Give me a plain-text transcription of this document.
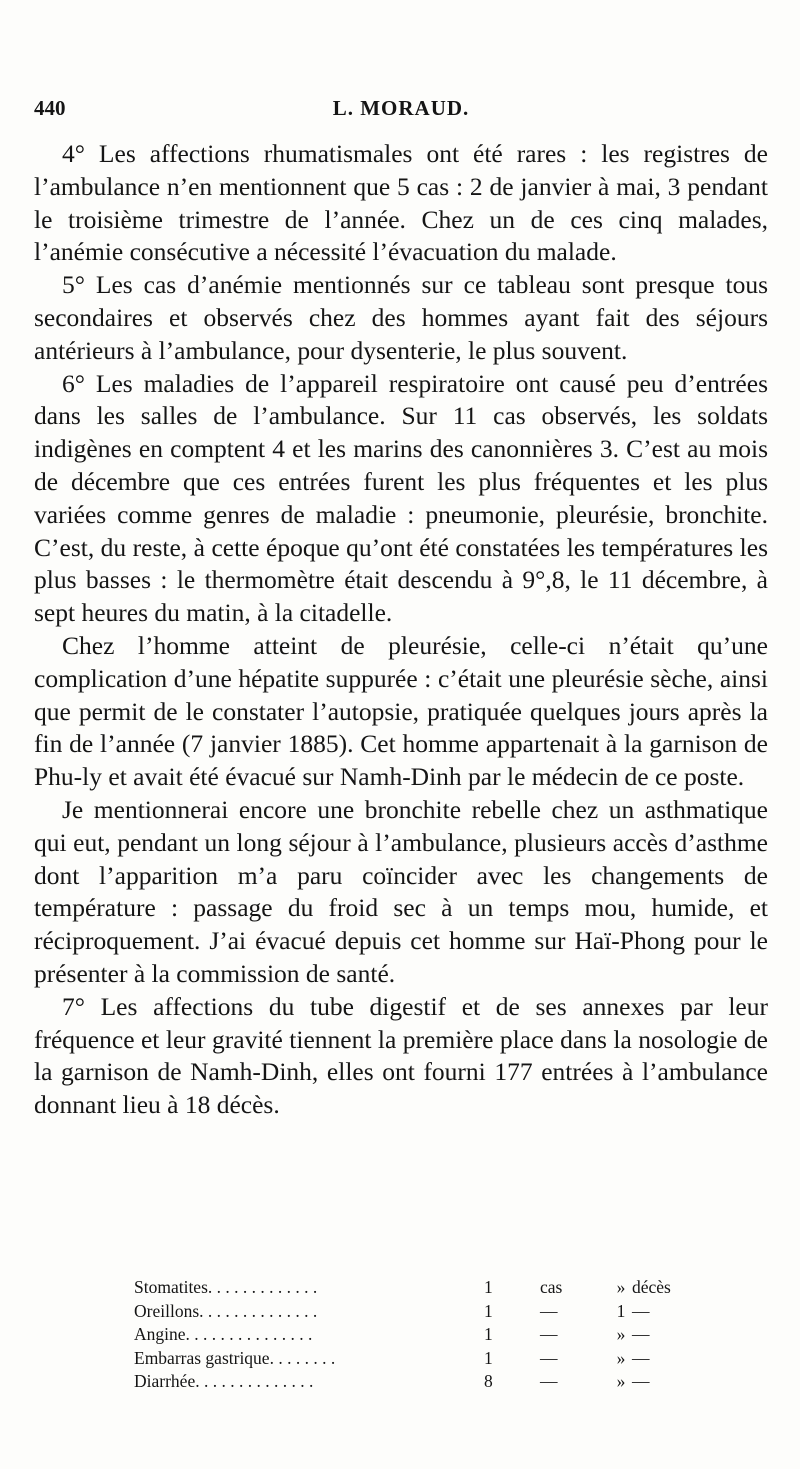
440	L. MORAUD.

4° Les affections rhumatismales ont été rares : les registres de l’ambulance n’en mentionnent que 5 cas : 2 de janvier à mai, 3 pendant le troisième trimestre de l’année. Chez un de ces cinq malades, l’anémie consécutive a nécessité l’évacuation du malade.

5° Les cas d’anémie mentionnés sur ce tableau sont presque tous secondaires et observés chez des hommes ayant fait des séjours antérieurs à l’ambulance, pour dysenterie, le plus souvent.

6° Les maladies de l’appareil respiratoire ont causé peu d’entrées dans les salles de l’ambulance. Sur 11 cas observés, les soldats indigènes en comptent 4 et les marins des canonnières 3. C’est au mois de décembre que ces entrées furent les plus fréquentes et les plus variées comme genres de maladie : pneumonie, pleurésie, bronchite. C’est, du reste, à cette époque qu’ont été constatées les températures les plus basses : le thermomètre était descendu à 9°,8, le 11 décembre, à sept heures du matin, à la citadelle.

Chez l’homme atteint de pleurésie, celle-ci n’était qu’une complication d’une hépatite suppurée : c’était une pleurésie sèche, ainsi que permit de le constater l’autopsie, pratiquée quelques jours après la fin de l’année (7 janvier 1885). Cet homme appartenait à la garnison de Phu-ly et avait été évacué sur Namh-Dinh par le médecin de ce poste.

Je mentionnerai encore une bronchite rebelle chez un asthmatique qui eut, pendant un long séjour à l’ambulance, plusieurs accès d’asthme dont l’apparition m’a paru coïncider avec les changements de température : passage du froid sec à un temps mou, humide, et réciproquement. J’ai évacué depuis cet homme sur Haï-Phong pour le présenter à la commission de santé.

7° Les affections du tube digestif et de ses annexes par leur fréquence et leur gravité tiennent la première place dans la nosologie de la garnison de Namh-Dinh, elles ont fourni 177 entrées à l’ambulance donnant lieu à 18 décès.

Stomatites. . . . . . . . . . . . .	1	cas	» décès
Oreillons. . . . . . . . . . . . . .	1	—	1 —
Angine. . . . . . . . . . . . . . .	1	—	» —
Embarras gastrique. . . . . . . .	1	—	» —
Diarrhée. . . . . . . . . . . . . .	8	—	» —
